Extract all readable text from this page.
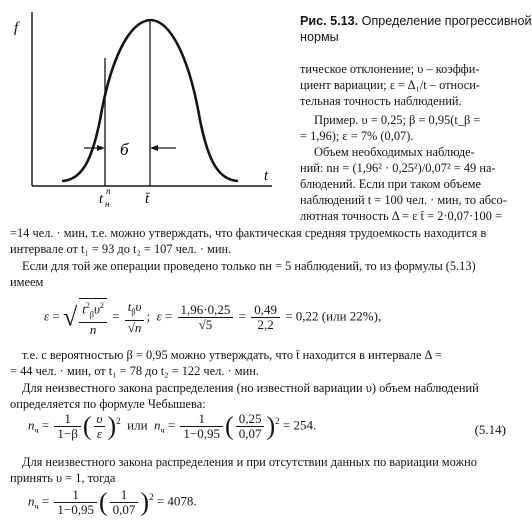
f
t
б
t
п
н t̄
Рис. 5.13. Определение прогрессивной
нормы
тическое отклонение; υ – коэффи-
циент вариации; ε = Δ₁/t – относи-
тельная точность наблюдений.
Пример. υ = 0,25; β = 0,95(t_β =
= 1,96); ε = 7% (0,07).
Объем необходимых наблюде-
ний: nн = (1,96² · 0,25²)/0,07² = 49 на-
блюдений. Если при таком объеме
наблюдений t = 100 чел. · мин, то абсо-
лютная точность Δ = ε t̄ = 2·0,07·100 =
=14 чел. · мин, т.е. можно утверждать, что фактическая средняя трудоемкость находится в
интервале от t₁ = 93 до t₂ = 107 чел. · мин.
Если для той же операции проведено только nн = 5 наблюдений, то из формулы (5.13)
имеем
ε = √ $\frac{t^2_\beta\upsilon^2}{n} = \frac{t_\beta\upsilon}{√n}$ ;  $\varepsilon = \frac{1,96\cdot 0,25}{√5} = \frac{0,49}{2,2} = 0,22$ (или 22%),
т.е. с вероятностью β = 0,95 можно утверждать, что t̄ находится в интервале Δ =
= 44 чел. · мин, от t₁ = 78 до t₂ = 122 чел. · мин.
Для неизвестного закона распределения (но известной вариации υ) объем наблюдений
определяется по формуле Чебышева:
$n_ч = \frac{1}{1-\beta}$ ( $\frac{\upsilon}{\varepsilon} )^2$  или  $n_ч = \frac{1}{1-0,95}$ ( $\frac{0,25}{0,07} )^2 = 254$.	(5.14)
Для неизвестного закона распределения и при отсутствии данных по вариации можно
принять υ = 1, тогда
$n_ч = \frac{1}{1-0,95}$ ( $\frac{1}{0,07} )^2 = 4078$.
